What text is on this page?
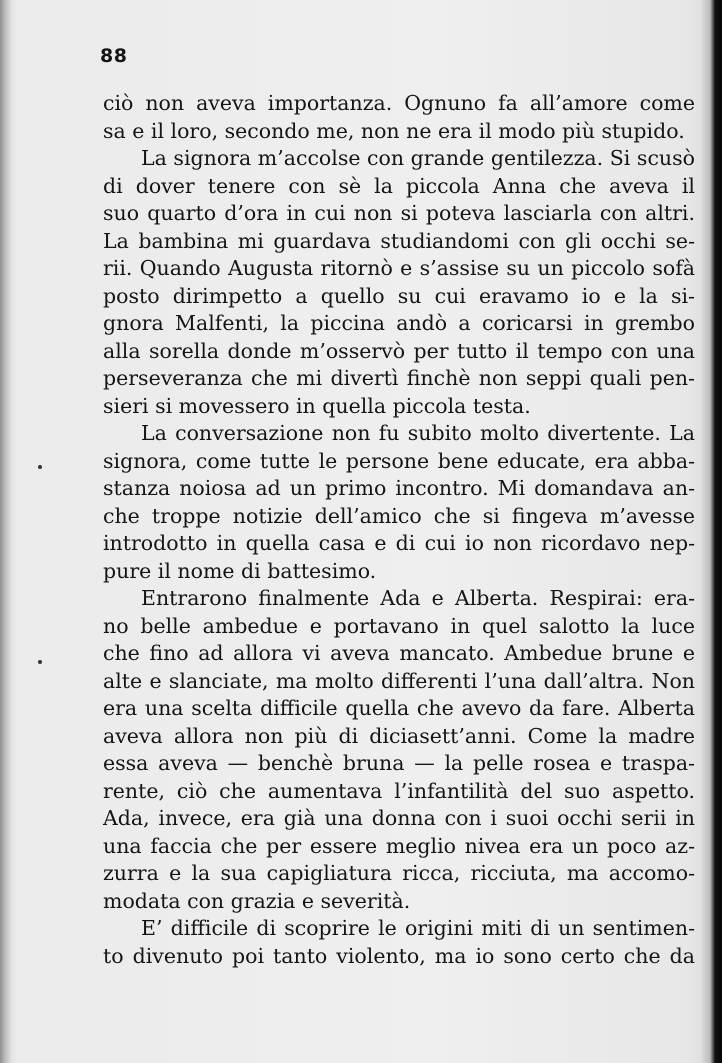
88
ciò non aveva importanza. Ognuno fa all’amore come
sa e il loro, secondo me, non ne era il modo più stupido.
La signora m’accolse con grande gentilezza. Si scusò
di dover tenere con sè la piccola Anna che aveva il
suo quarto d’ora in cui non si poteva lasciarla con altri.
La bambina mi guardava studiandomi con gli occhi se-
rii. Quando Augusta ritornò e s’assise su un piccolo sofà
posto dirimpetto a quello su cui eravamo io e la si-
gnora Malfenti, la piccina andò a coricarsi in grembo
alla sorella donde m’osservò per tutto il tempo con una
perseveranza che mi divertì finchè non seppi quali pen-
sieri si movessero in quella piccola testa.
La conversazione non fu subito molto divertente. La
signora, come tutte le persone bene educate, era abba-
stanza noiosa ad un primo incontro. Mi domandava an-
che troppe notizie dell’amico che si fingeva m’avesse
introdotto in quella casa e di cui io non ricordavo nep-
pure il nome di battesimo.
Entrarono finalmente Ada e Alberta. Respirai: era-
no belle ambedue e portavano in quel salotto la luce
che fino ad allora vi aveva mancato. Ambedue brune e
alte e slanciate, ma molto differenti l’una dall’altra. Non
era una scelta difficile quella che avevo da fare. Alberta
aveva allora non più di diciasett’anni. Come la madre
essa aveva — benchè bruna — la pelle rosea e traspa-
rente, ciò che aumentava l’infantilità del suo aspetto.
Ada, invece, era già una donna con i suoi occhi serii in
una faccia che per essere meglio nivea era un poco az-
zurra e la sua capigliatura ricca, ricciuta, ma accomo-
modata con grazia e severità.
E’ difficile di scoprire le origini miti di un sentimen-
to divenuto poi tanto violento, ma io sono certo che da
